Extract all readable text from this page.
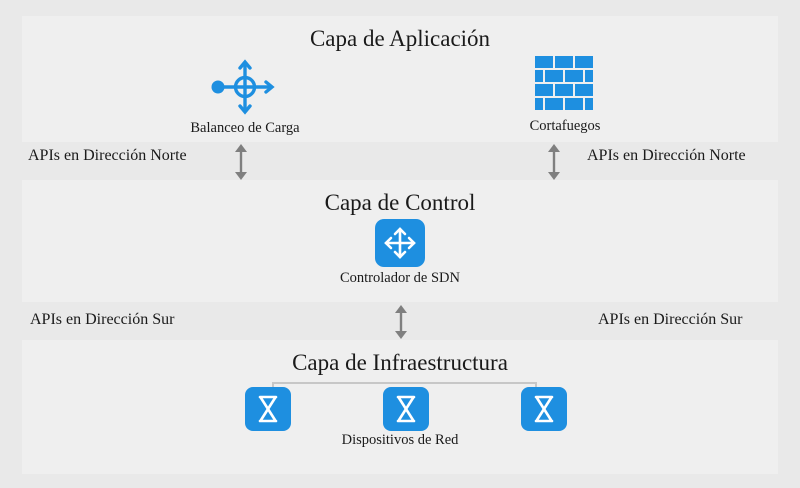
Capa de Aplicación
Balanceo de Carga	Cortafuegos
APIs en Dirección Norte	APIs en Dirección Norte
Capa de Control
Controlador de SDN
APIs en Dirección Sur	APIs en Dirección Sur
Capa de Infraestructura
Dispositivos de Red
